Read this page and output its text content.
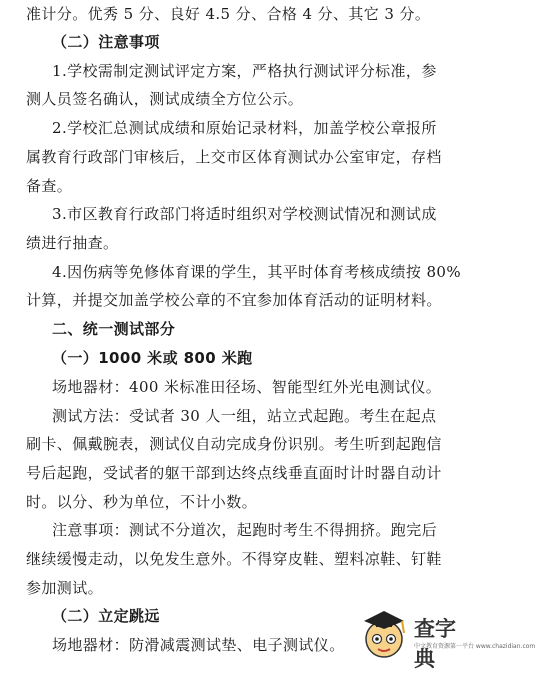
准计分。优秀 5 分、良好 4.5 分、合格 4 分、其它 3 分。
（二）注意事项
1.学校需制定测试评定方案，严格执行测试评分标准，参
测人员签名确认，测试成绩全方位公示。
2.学校汇总测试成绩和原始记录材料，加盖学校公章报所
属教育行政部门审核后，上交市区体育测试办公室审定，存档
备查。
3.市区教育行政部门将适时组织对学校测试情况和测试成
绩进行抽查。
4.因伤病等免修体育课的学生，其平时体育考核成绩按 80%
计算，并提交加盖学校公章的不宜参加体育活动的证明材料。
二、统一测试部分
（一）1000 米或 800 米跑
场地器材：400 米标准田径场、智能型红外光电测试仪。
测试方法：受试者 30 人一组，站立式起跑。考生在起点
刷卡、佩戴腕表，测试仪自动完成身份识别。考生听到起跑信
号后起跑，受试者的躯干部到达终点线垂直面时计时器自动计
时。以分、秒为单位，不计小数。
注意事项：测试不分道次，起跑时考生不得拥挤。跑完后
继续缓慢走动，以免发生意外。不得穿皮鞋、塑料凉鞋、钉鞋
参加测试。
（二）立定跳远
场地器材：防滑减震测试垫、电子测试仪。
查字典
中文教育资源第一平台 www.chazidian.com
